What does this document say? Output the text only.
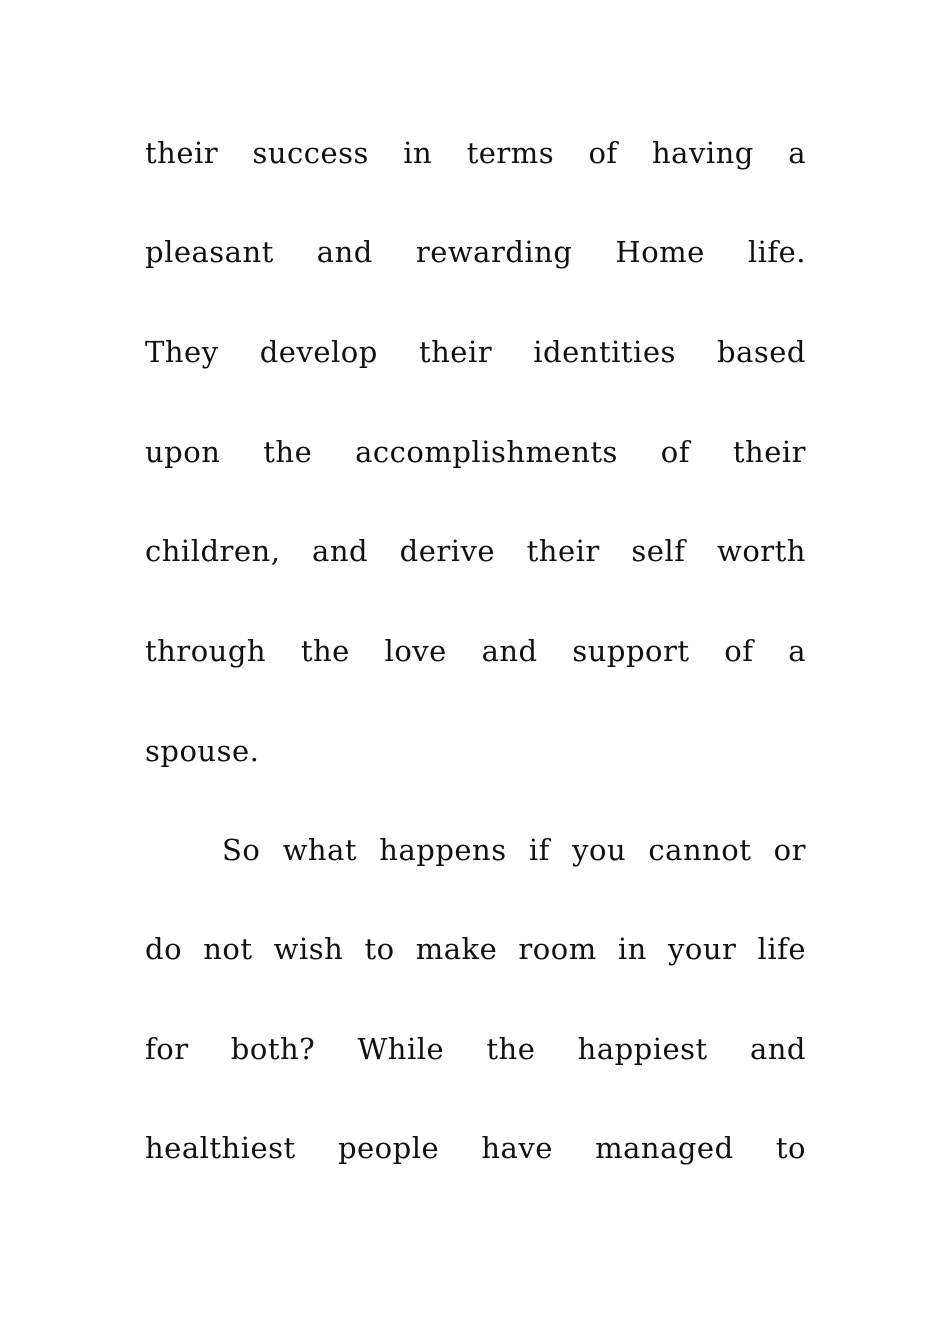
their success in terms of having a
pleasant and rewarding Home life.
They develop their identities based
upon the accomplishments of their
children, and derive their self worth
through the love and support of a
spouse.
So what happens if you cannot or
do not wish to make room in your life
for both? While the happiest and
healthiest people have managed to
